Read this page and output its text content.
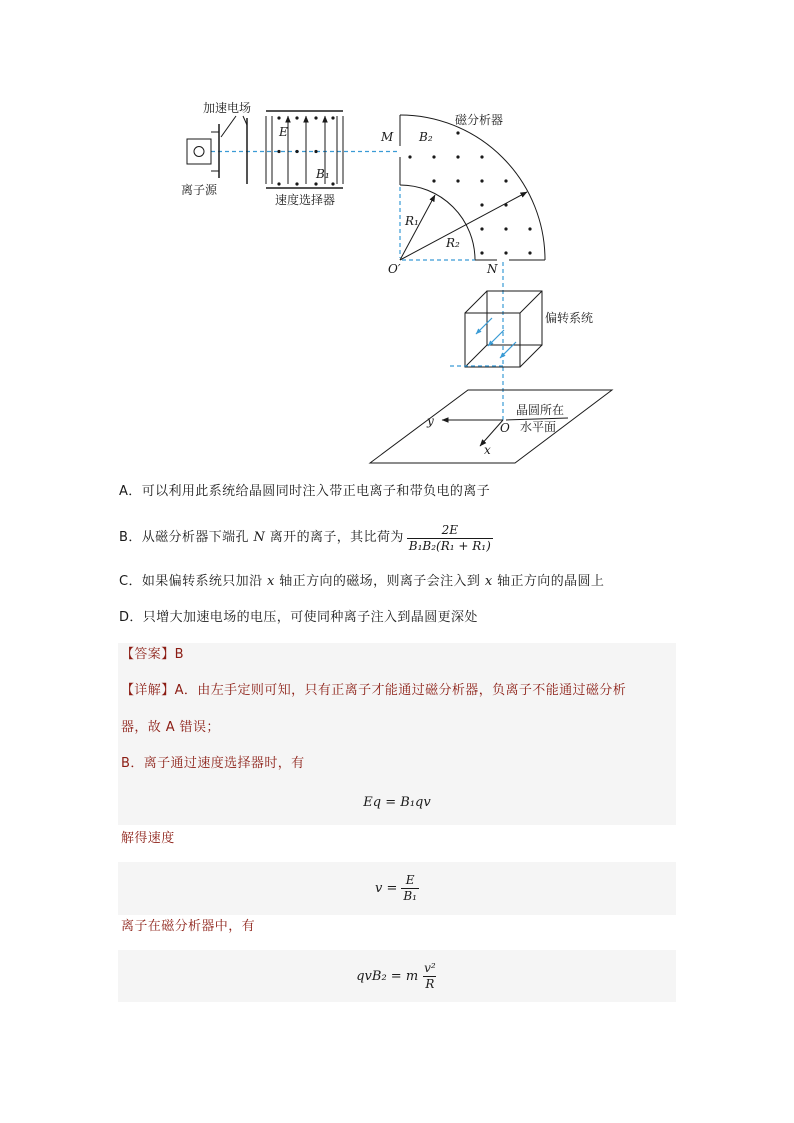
离子源
加速电场
E
B₁
速度选择器
M B₂
磁分析器
R₁
R₂
O′	N
偏转系统
y
x
O
晶圆所在
水平面
A．可以利用此系统给晶圆同时注入带正电离子和带负电的离子
B．从磁分析器下端孔 N 离开的离子，其比荷为 $\frac{2E}{\text{B₁B₂(R₁ + R₁)}}$
C．如果偏转系统只加沿 x 轴正方向的磁场，则离子会注入到 x 轴正方向的晶圆上
D．只增大加速电场的电压，可使同种离子注入到晶圆更深处
【答案】B
【详解】A．由左手定则可知，只有正离子才能通过磁分析器，负离子不能通过磁分析
器，故 A 错误；
B．离子通过速度选择器时，有
Eq = B₁qv
解得速度
$v = \frac{E}{\text{B₁}}$
离子在磁分析器中，有
qvB₂ = m $\frac{\text{v²}}{R}$
